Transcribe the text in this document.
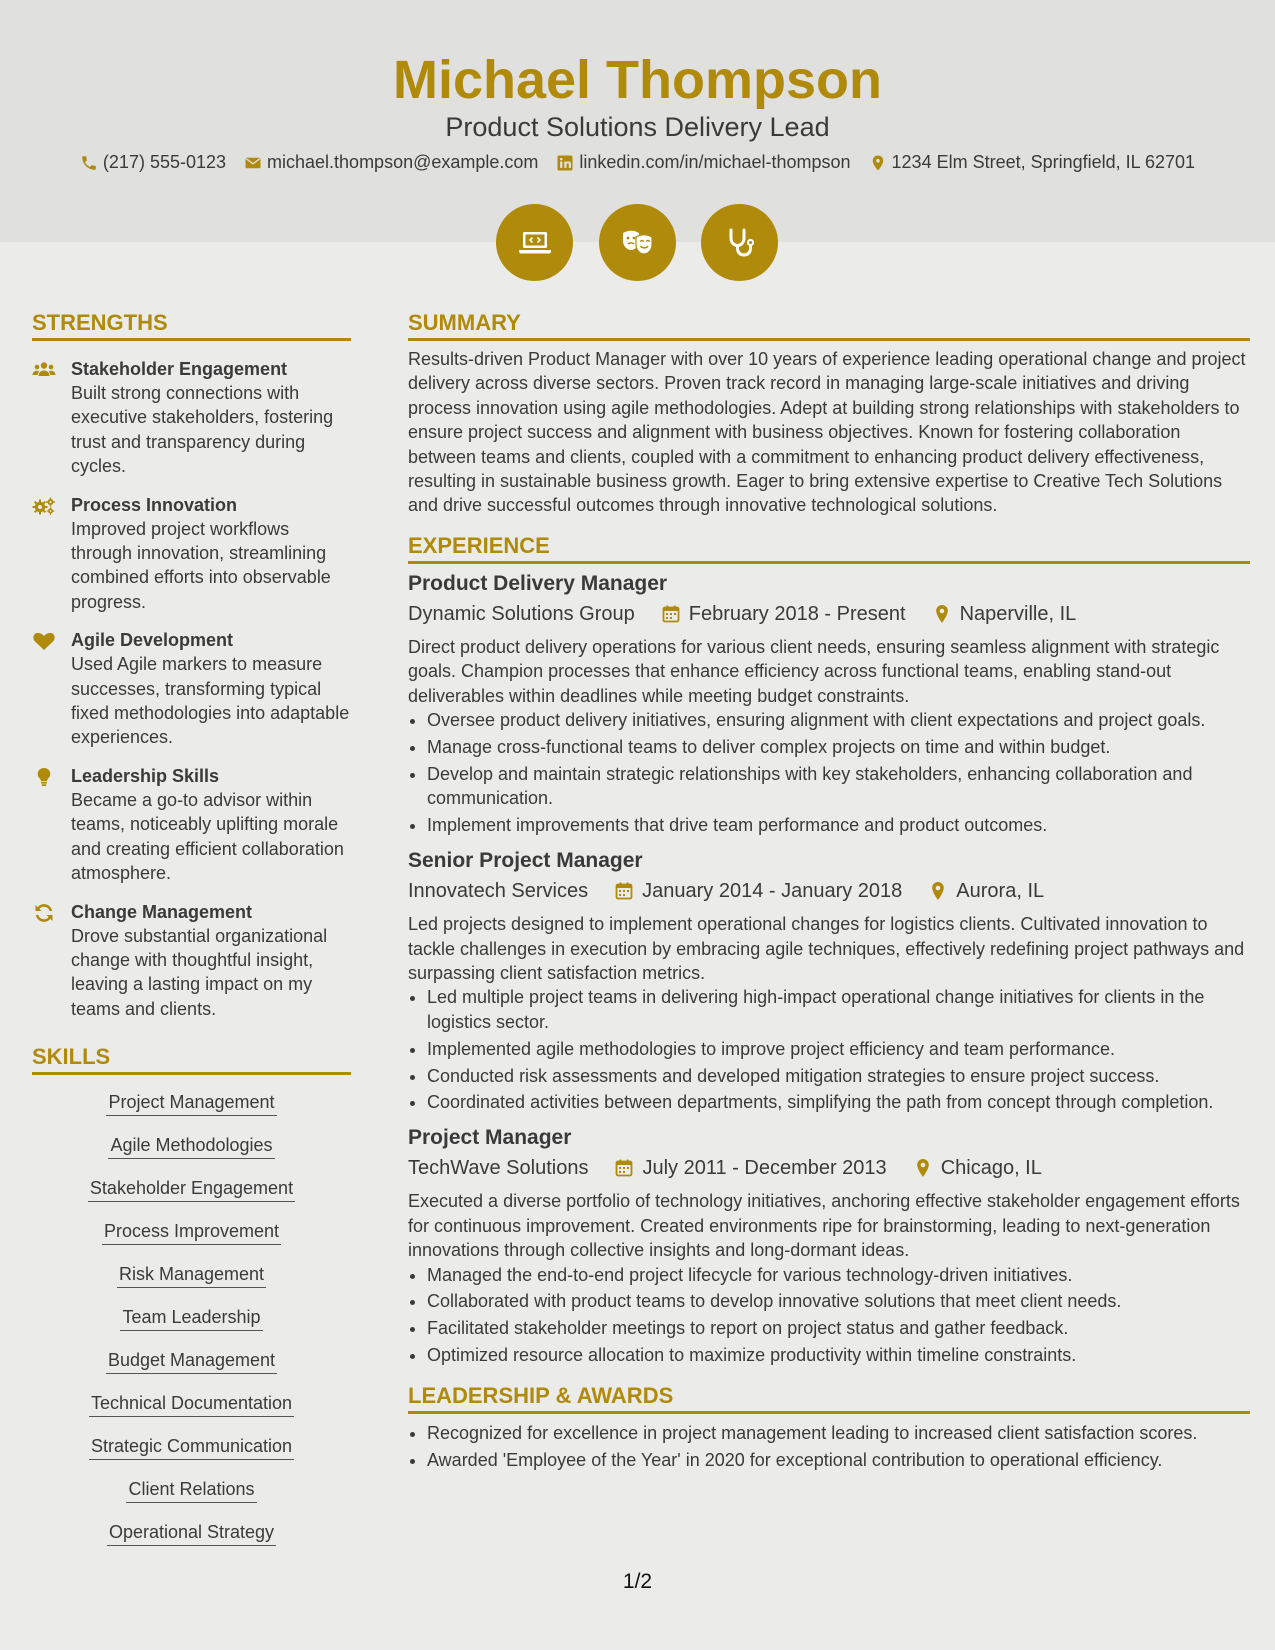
Michael Thompson
Product Solutions Delivery Lead
(217) 555-0123 michael.thompson@example.com linkedin.com/in/michael-thompson 1234 Elm Street, Springfield, IL 62701
STRENGTHS
Stakeholder Engagement
Built strong connections with executive stakeholders, fostering trust and transparency during cycles.
Process Innovation
Improved project workflows through innovation, streamlining combined efforts into observable progress.
Agile Development
Used Agile markers to measure successes, transforming typical fixed methodologies into adaptable experiences.
Leadership Skills
Became a go-to advisor within teams, noticeably uplifting morale and creating efficient collaboration atmosphere.
Change Management
Drove substantial organizational change with thoughtful insight, leaving a lasting impact on my teams and clients.
SKILLS
Project Management
Agile Methodologies
Stakeholder Engagement
Process Improvement
Risk Management
Team Leadership
Budget Management
Technical Documentation
Strategic Communication
Client Relations
Operational Strategy
SUMMARY
Results-driven Product Manager with over 10 years of experience leading operational change and project delivery across diverse sectors. Proven track record in managing large-scale initiatives and driving process innovation using agile methodologies. Adept at building strong relationships with stakeholders to ensure project success and alignment with business objectives. Known for fostering collaboration between teams and clients, coupled with a commitment to enhancing product delivery effectiveness, resulting in sustainable business growth. Eager to bring extensive expertise to Creative Tech Solutions and drive successful outcomes through innovative technological solutions.
EXPERIENCE
Product Delivery Manager
Dynamic Solutions Group	February 2018 - Present	Naperville, IL
Direct product delivery operations for various client needs, ensuring seamless alignment with strategic goals. Champion processes that enhance efficiency across functional teams, enabling stand-out deliverables within deadlines while meeting budget constraints.
• Oversee product delivery initiatives, ensuring alignment with client expectations and project goals.
• Manage cross-functional teams to deliver complex projects on time and within budget.
• Develop and maintain strategic relationships with key stakeholders, enhancing collaboration and communication.
• Implement improvements that drive team performance and product outcomes.
Senior Project Manager
Innovatech Services	January 2014 - January 2018	Aurora, IL
Led projects designed to implement operational changes for logistics clients. Cultivated innovation to tackle challenges in execution by embracing agile techniques, effectively redefining project pathways and surpassing client satisfaction metrics.
• Led multiple project teams in delivering high-impact operational change initiatives for clients in the logistics sector.
• Implemented agile methodologies to improve project efficiency and team performance.
• Conducted risk assessments and developed mitigation strategies to ensure project success.
• Coordinated activities between departments, simplifying the path from concept through completion.
Project Manager
TechWave Solutions	July 2011 - December 2013	Chicago, IL
Executed a diverse portfolio of technology initiatives, anchoring effective stakeholder engagement efforts for continuous improvement. Created environments ripe for brainstorming, leading to next-generation innovations through collective insights and long-dormant ideas.
• Managed the end-to-end project lifecycle for various technology-driven initiatives.
• Collaborated with product teams to develop innovative solutions that meet client needs.
• Facilitated stakeholder meetings to report on project status and gather feedback.
• Optimized resource allocation to maximize productivity within timeline constraints.
LEADERSHIP & AWARDS
• Recognized for excellence in project management leading to increased client satisfaction scores.
• Awarded 'Employee of the Year' in 2020 for exceptional contribution to operational efficiency.
1/2
